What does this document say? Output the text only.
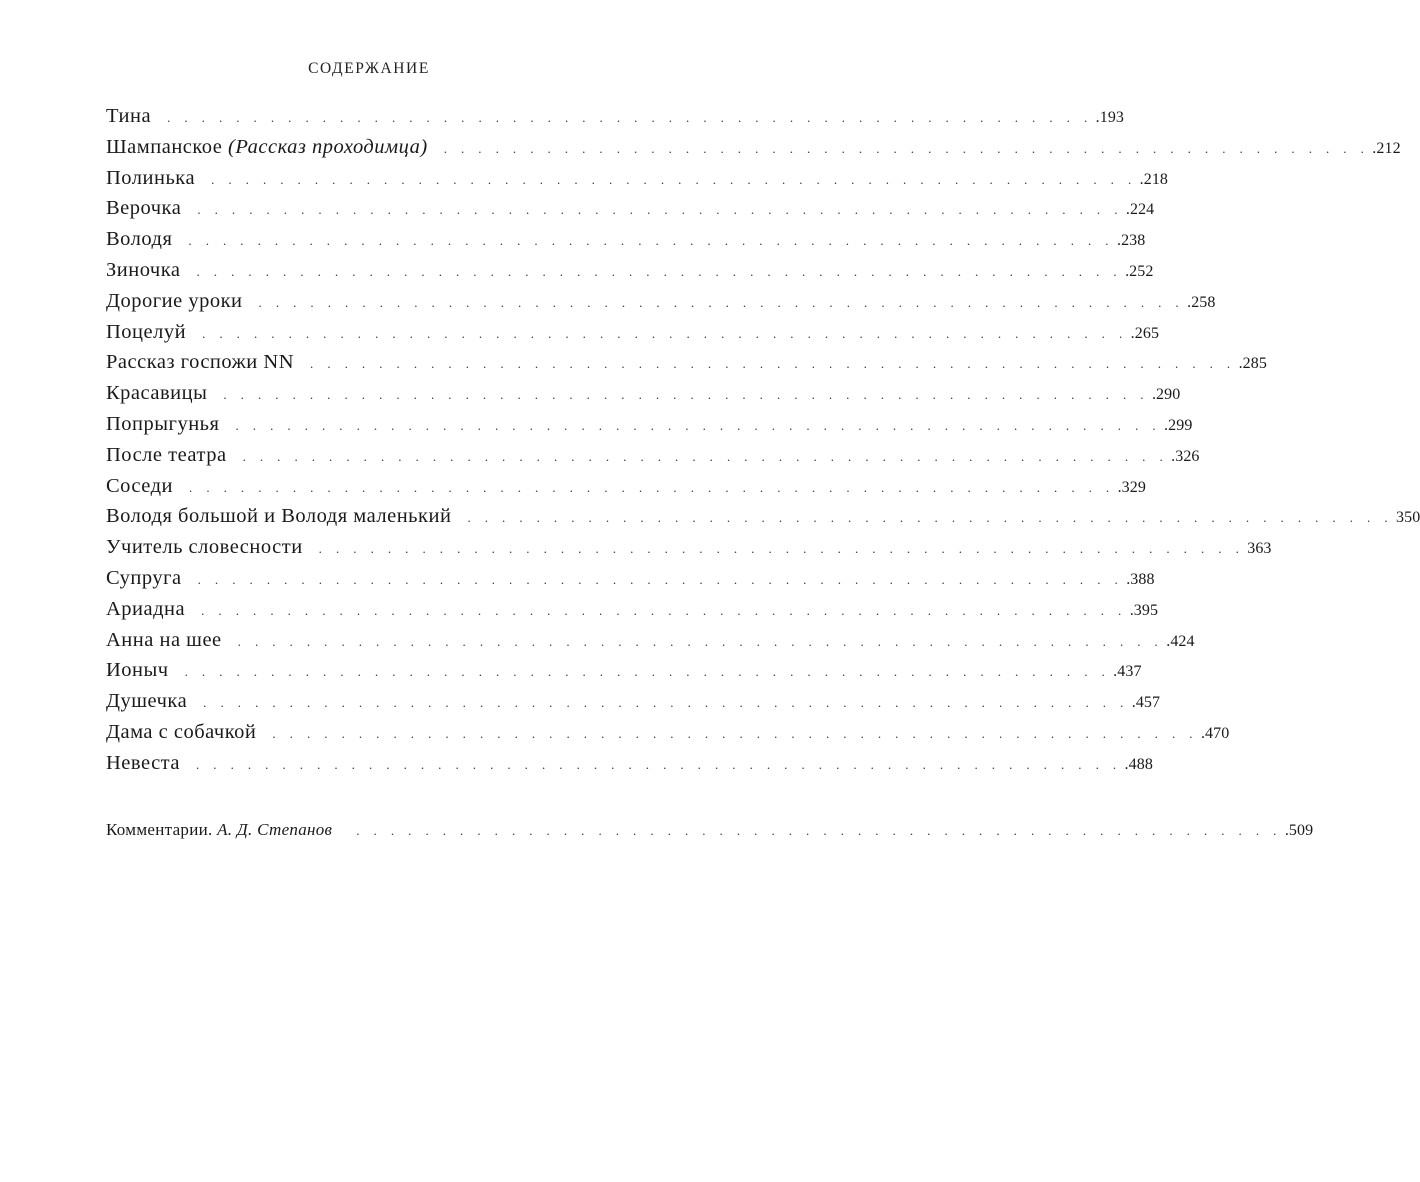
СОДЕРЖАНИЕ
Тина . . . . . . . . . . . . . . . . . . . . . . . . . . . . . . . . . . . . . . . . . . . . . . . . . . . . . . .193
Шампанское (Рассказ проходимца) . . . . . . . . . . . . . . . . . . . . . . . . . . . . . . . . . . . . . . . . . . . . . . . . . . . . . . .212
Полинька . . . . . . . . . . . . . . . . . . . . . . . . . . . . . . . . . . . . . . . . . . . . . . . . . . . . . . .218
Верочка . . . . . . . . . . . . . . . . . . . . . . . . . . . . . . . . . . . . . . . . . . . . . . . . . . . . . . .224
Володя . . . . . . . . . . . . . . . . . . . . . . . . . . . . . . . . . . . . . . . . . . . . . . . . . . . . . . .238
Зиночка . . . . . . . . . . . . . . . . . . . . . . . . . . . . . . . . . . . . . . . . . . . . . . . . . . . . . . .252
Дорогие уроки . . . . . . . . . . . . . . . . . . . . . . . . . . . . . . . . . . . . . . . . . . . . . . . . . . . . . . .258
Поцелуй . . . . . . . . . . . . . . . . . . . . . . . . . . . . . . . . . . . . . . . . . . . . . . . . . . . . . . .265
Рассказ госпожи NN . . . . . . . . . . . . . . . . . . . . . . . . . . . . . . . . . . . . . . . . . . . . . . . . . . . . . . .285
Красавицы . . . . . . . . . . . . . . . . . . . . . . . . . . . . . . . . . . . . . . . . . . . . . . . . . . . . . . .290
Попрыгунья . . . . . . . . . . . . . . . . . . . . . . . . . . . . . . . . . . . . . . . . . . . . . . . . . . . . . . .299
После театра . . . . . . . . . . . . . . . . . . . . . . . . . . . . . . . . . . . . . . . . . . . . . . . . . . . . . . .326
Соседи . . . . . . . . . . . . . . . . . . . . . . . . . . . . . . . . . . . . . . . . . . . . . . . . . . . . . . .329
Володя большой и Володя маленький . . . . . . . . . . . . . . . . . . . . . . . . . . . . . . . . . . . . . . . . . . . . . . . . . . . . . . 350
Учитель словесности . . . . . . . . . . . . . . . . . . . . . . . . . . . . . . . . . . . . . . . . . . . . . . . . . . . . . . 363
Супруга . . . . . . . . . . . . . . . . . . . . . . . . . . . . . . . . . . . . . . . . . . . . . . . . . . . . . . .388
Ариадна . . . . . . . . . . . . . . . . . . . . . . . . . . . . . . . . . . . . . . . . . . . . . . . . . . . . . . .395
Анна на шее . . . . . . . . . . . . . . . . . . . . . . . . . . . . . . . . . . . . . . . . . . . . . . . . . . . . . . .424
Ионыч . . . . . . . . . . . . . . . . . . . . . . . . . . . . . . . . . . . . . . . . . . . . . . . . . . . . . . .437
Душечка . . . . . . . . . . . . . . . . . . . . . . . . . . . . . . . . . . . . . . . . . . . . . . . . . . . . . . .457
Дама с собачкой . . . . . . . . . . . . . . . . . . . . . . . . . . . . . . . . . . . . . . . . . . . . . . . . . . . . . . .470
Невеста . . . . . . . . . . . . . . . . . . . . . . . . . . . . . . . . . . . . . . . . . . . . . . . . . . . . . . .488
Комментарии. А. Д. Степанов . . . . . . . . . . . . . . . . . . . . . . . . . . . . . . . . . . . . . . . . . . . . . . . . . . . . . . .509
